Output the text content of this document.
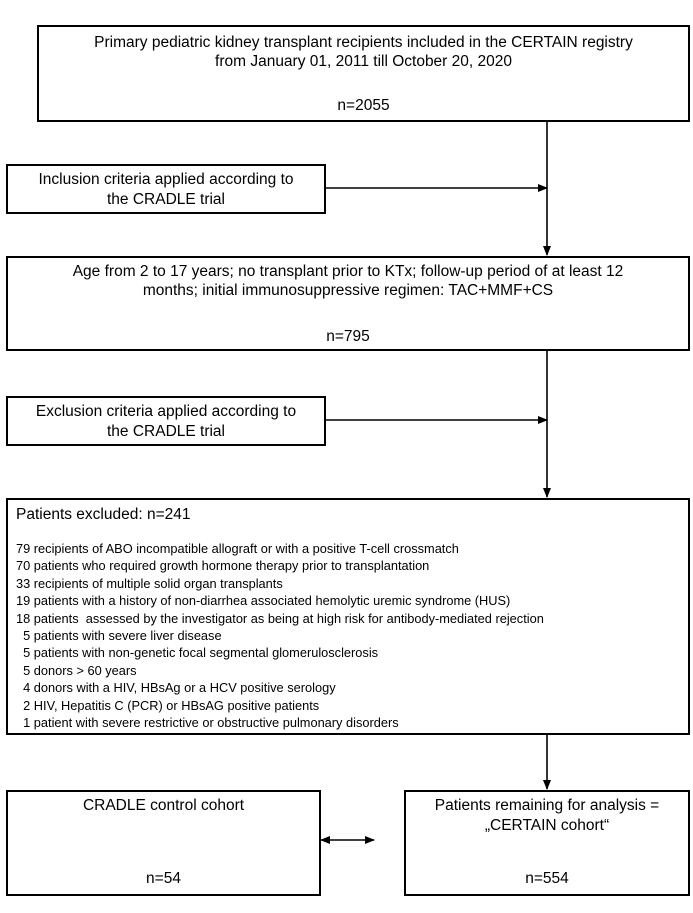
Primary pediatric kidney transplant recipients included in the CERTAIN registry
from January 01, 2011 till October 20, 2020
n=2055
Inclusion criteria applied according to
the CRADLE trial
Age from 2 to 17 years; no transplant prior to KTx; follow-up period of at least 12
months; initial immunosuppressive regimen: TAC+MMF+CS
n=795
Exclusion criteria applied according to
the CRADLE trial
Patients excluded: n=241
79 recipients of ABO incompatible allograft or with a positive T-cell crossmatch
70 patients who required growth hormone therapy prior to transplantation
33 recipients of multiple solid organ transplants
19 patients with a history of non-diarrhea associated hemolytic uremic syndrome (HUS)
18 patients  assessed by the investigator as being at high risk for antibody-mediated rejection
5 patients with severe liver disease
5 patients with non-genetic focal segmental glomerulosclerosis
5 donors > 60 years
4 donors with a HIV, HBsAg or a HCV positive serology
2 HIV, Hepatitis C (PCR) or HBsAG positive patients
1 patient with severe restrictive or obstructive pulmonary disorders
CRADLE control cohort
n=54
Patients remaining for analysis =
„CERTAIN cohort“
n=554
